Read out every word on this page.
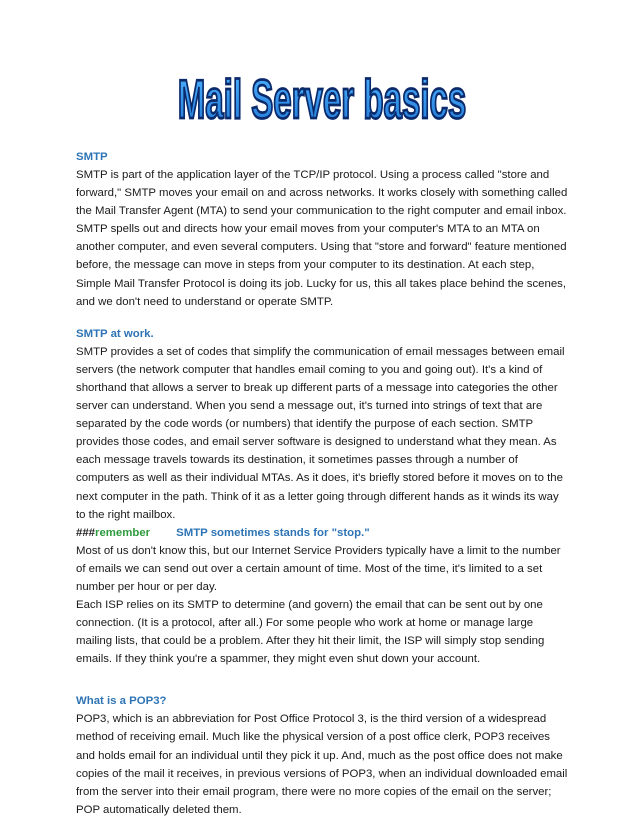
Mail Server basics

SMTP

SMTP is part of the application layer of the TCP/IP protocol. Using a process called "store and forward," SMTP moves your email on and across networks. It works closely with something called the Mail Transfer Agent (MTA) to send your communication to the right computer and email inbox.

SMTP spells out and directs how your email moves from your computer's MTA to an MTA on another computer, and even several computers. Using that "store and forward" feature mentioned before, the message can move in steps from your computer to its destination. At each step, Simple Mail Transfer Protocol is doing its job. Lucky for us, this all takes place behind the scenes, and we don't need to understand or operate SMTP.

SMTP at work.

SMTP provides a set of codes that simplify the communication of email messages between email servers (the network computer that handles email coming to you and going out). It's a kind of shorthand that allows a server to break up different parts of a message into categories the other server can understand. When you send a message out, it's turned into strings of text that are separated by the code words (or numbers) that identify the purpose of each section. SMTP provides those codes, and email server software is designed to understand what they mean. As each message travels towards its destination, it sometimes passes through a number of computers as well as their individual MTAs. As it does, it's briefly stored before it moves on to the next computer in the path. Think of it as a letter going through different hands as it winds its way to the right mailbox.

###remember SMTP sometimes stands for "stop."

Most of us don't know this, but our Internet Service Providers typically have a limit to the number of emails we can send out over a certain amount of time. Most of the time, it's limited to a set number per hour or per day.

Each ISP relies on its SMTP to determine (and govern) the email that can be sent out by one connection. (It is a protocol, after all.) For some people who work at home or manage large mailing lists, that could be a problem. After they hit their limit, the ISP will simply stop sending emails. If they think you're a spammer, they might even shut down your account.

What is a POP3?

POP3, which is an abbreviation for Post Office Protocol 3, is the third version of a widespread method of receiving email. Much like the physical version of a post office clerk, POP3 receives and holds email for an individual until they pick it up. And, much as the post office does not make copies of the mail it receives, in previous versions of POP3, when an individual downloaded email from the server into their email program, there were no more copies of the email on the server; POP automatically deleted them.
